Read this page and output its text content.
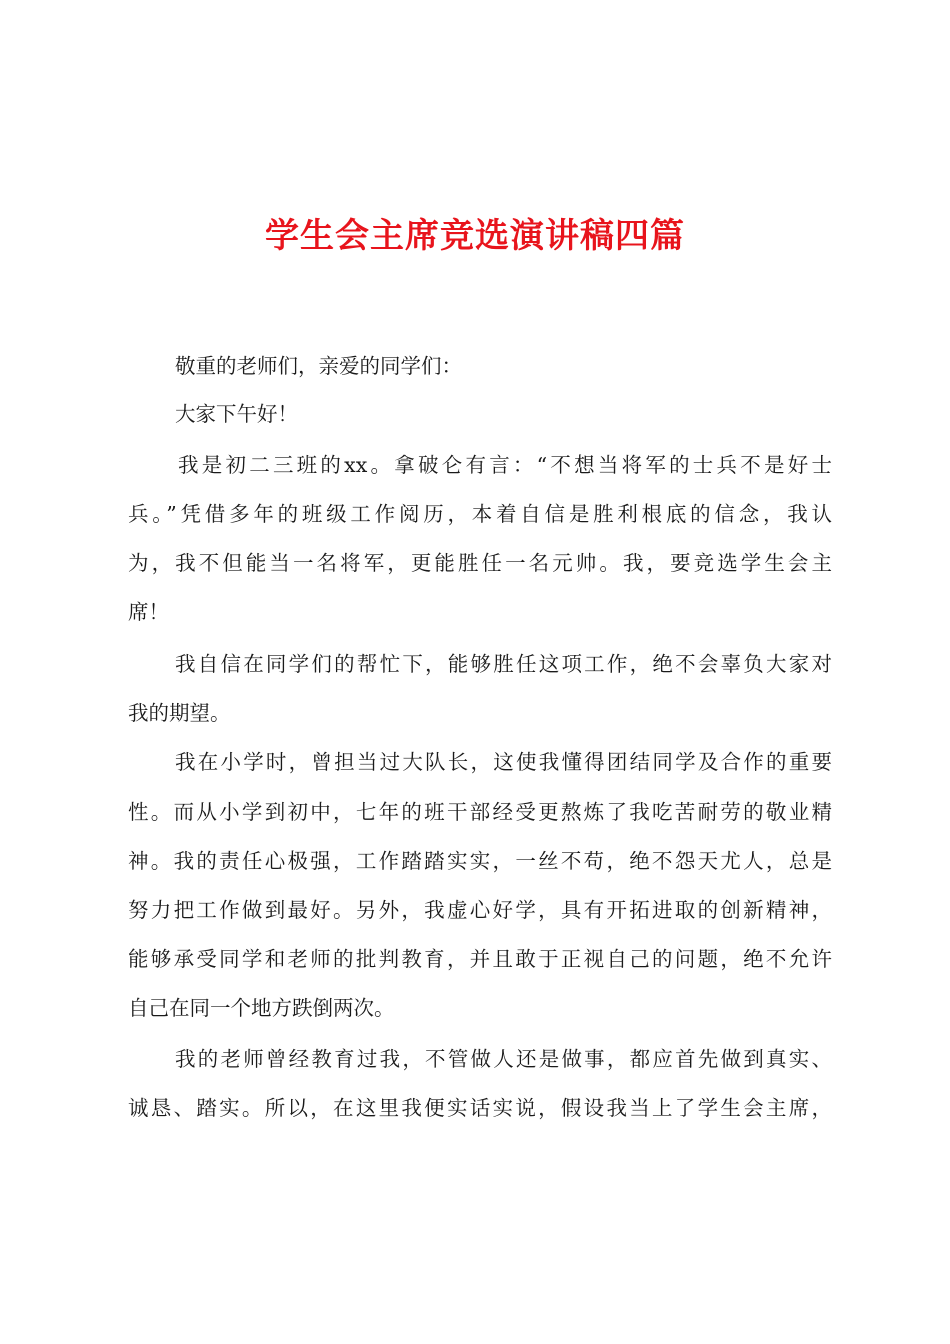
学生会主席竞选演讲稿四篇
敬重的老师们，亲爱的同学们：
大家下午好！
我是初二三班的xx。拿破仑有言：“不想当将军的士兵不是好士
兵。”凭借多年的班级工作阅历，本着自信是胜利根底的信念，我认
为，我不但能当一名将军，更能胜任一名元帅。我，要竞选学生会主
席！
我自信在同学们的帮忙下，能够胜任这项工作，绝不会辜负大家对
我的期望。
我在小学时，曾担当过大队长，这使我懂得团结同学及合作的重要
性。而从小学到初中，七年的班干部经受更熬炼了我吃苦耐劳的敬业精
神。我的责任心极强，工作踏踏实实，一丝不苟，绝不怨天尤人，总是
努力把工作做到最好。另外，我虚心好学，具有开拓进取的创新精神，
能够承受同学和老师的批判教育，并且敢于正视自己的问题，绝不允许
自己在同一个地方跌倒两次。
我的老师曾经教育过我，不管做人还是做事，都应首先做到真实、
诚恳、踏实。所以，在这里我便实话实说，假设我当上了学生会主席，
